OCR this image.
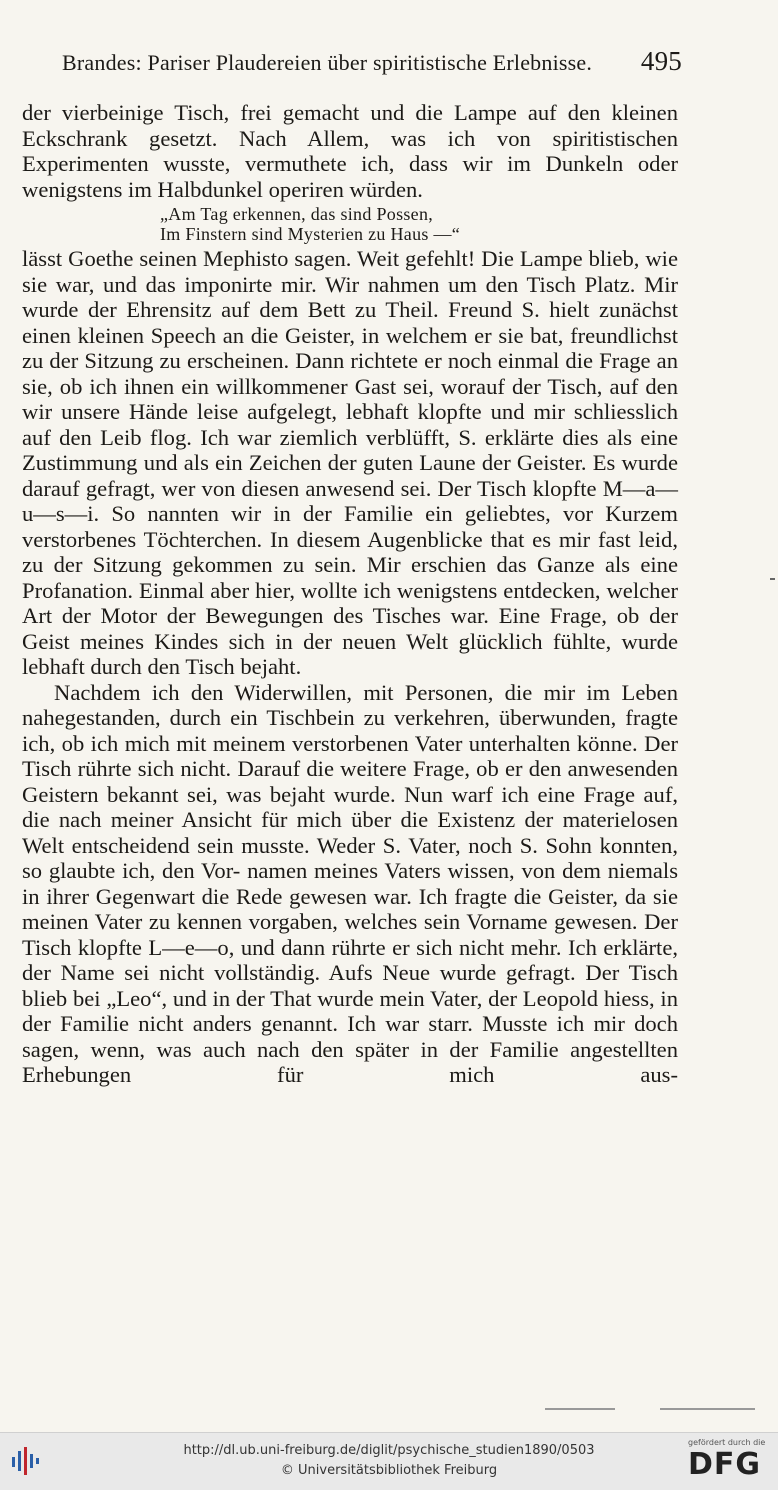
Brandes: Pariser Plaudereien über spiritistische Erlebnisse. 495
der vierbeinige Tisch, frei gemacht und die Lampe auf den kleinen Eckschrank gesetzt. Nach Allem, was ich von spiritistischen Experimenten wusste, vermuthete ich, dass wir im Dunkeln oder wenigstens im Halbdunkel operiren würden.
„Am Tag erkennen, das sind Possen,
Im Finstern sind Mysterien zu Haus —“
lässt Goethe seinen Mephisto sagen. Weit gefehlt! Die Lampe blieb, wie sie war, und das imponirte mir. Wir nahmen um den Tisch Platz. Mir wurde der Ehrensitz auf dem Bett zu Theil. Freund S. hielt zunächst einen kleinen Speech an die Geister, in welchem er sie bat, freundlichst zu der Sitzung zu erscheinen. Dann richtete er noch einmal die Frage an sie, ob ich ihnen ein willkommener Gast sei, worauf der Tisch, auf den wir unsere Hände leise aufgelegt, lebhaft klopfte und mir schliesslich auf den Leib flog. Ich war ziemlich verblüfft, S. erklärte dies als eine Zustimmung und als ein Zeichen der guten Laune der Geister. Es wurde darauf gefragt, wer von diesen anwesend sei. Der Tisch klopfte M—a—u—s—i. So nannten wir in der Familie ein geliebtes, vor Kurzem verstorbenes Töchterchen. In diesem Augenblicke that es mir fast leid, zu der Sitzung gekommen zu sein. Mir erschien das Ganze als eine Profanation. Einmal aber hier, wollte ich wenigstens entdecken, welcher Art der Motor der Bewegungen des Tisches war. Eine Frage, ob der Geist meines Kindes sich in der neuen Welt glücklich fühlte, wurde lebhaft durch den Tisch bejaht.
Nachdem ich den Widerwillen, mit Personen, die mir im Leben nahegestanden, durch ein Tischbein zu verkehren, überwunden, fragte ich, ob ich mich mit meinem verstorbenen Vater unterhalten könne. Der Tisch rührte sich nicht. Darauf die weitere Frage, ob er den anwesenden Geistern bekannt sei, was bejaht wurde. Nun warf ich eine Frage auf, die nach meiner Ansicht für mich über die Existenz der materielosen Welt entscheidend sein musste. Weder S. Vater, noch S. Sohn konnten, so glaubte ich, den Vor- namen meines Vaters wissen, von dem niemals in ihrer Gegenwart die Rede gewesen war. Ich fragte die Geister, da sie meinen Vater zu kennen vorgaben, welches sein Vorname gewesen. Der Tisch klopfte L—e—o, und dann rührte er sich nicht mehr. Ich erklärte, der Name sei nicht vollständig. Aufs Neue wurde gefragt. Der Tisch blieb bei „Leo“, und in der That wurde mein Vater, der Leopold hiess, in der Familie nicht anders genannt. Ich war starr. Musste ich mir doch sagen, wenn, was auch nach den später in der Familie angestellten Erhebungen für mich aus-
http://dl.ub.uni-freiburg.de/diglit/psychische_studien1890/0503
© Universitätsbibliothek Freiburg
gefördert durch die
DFG
